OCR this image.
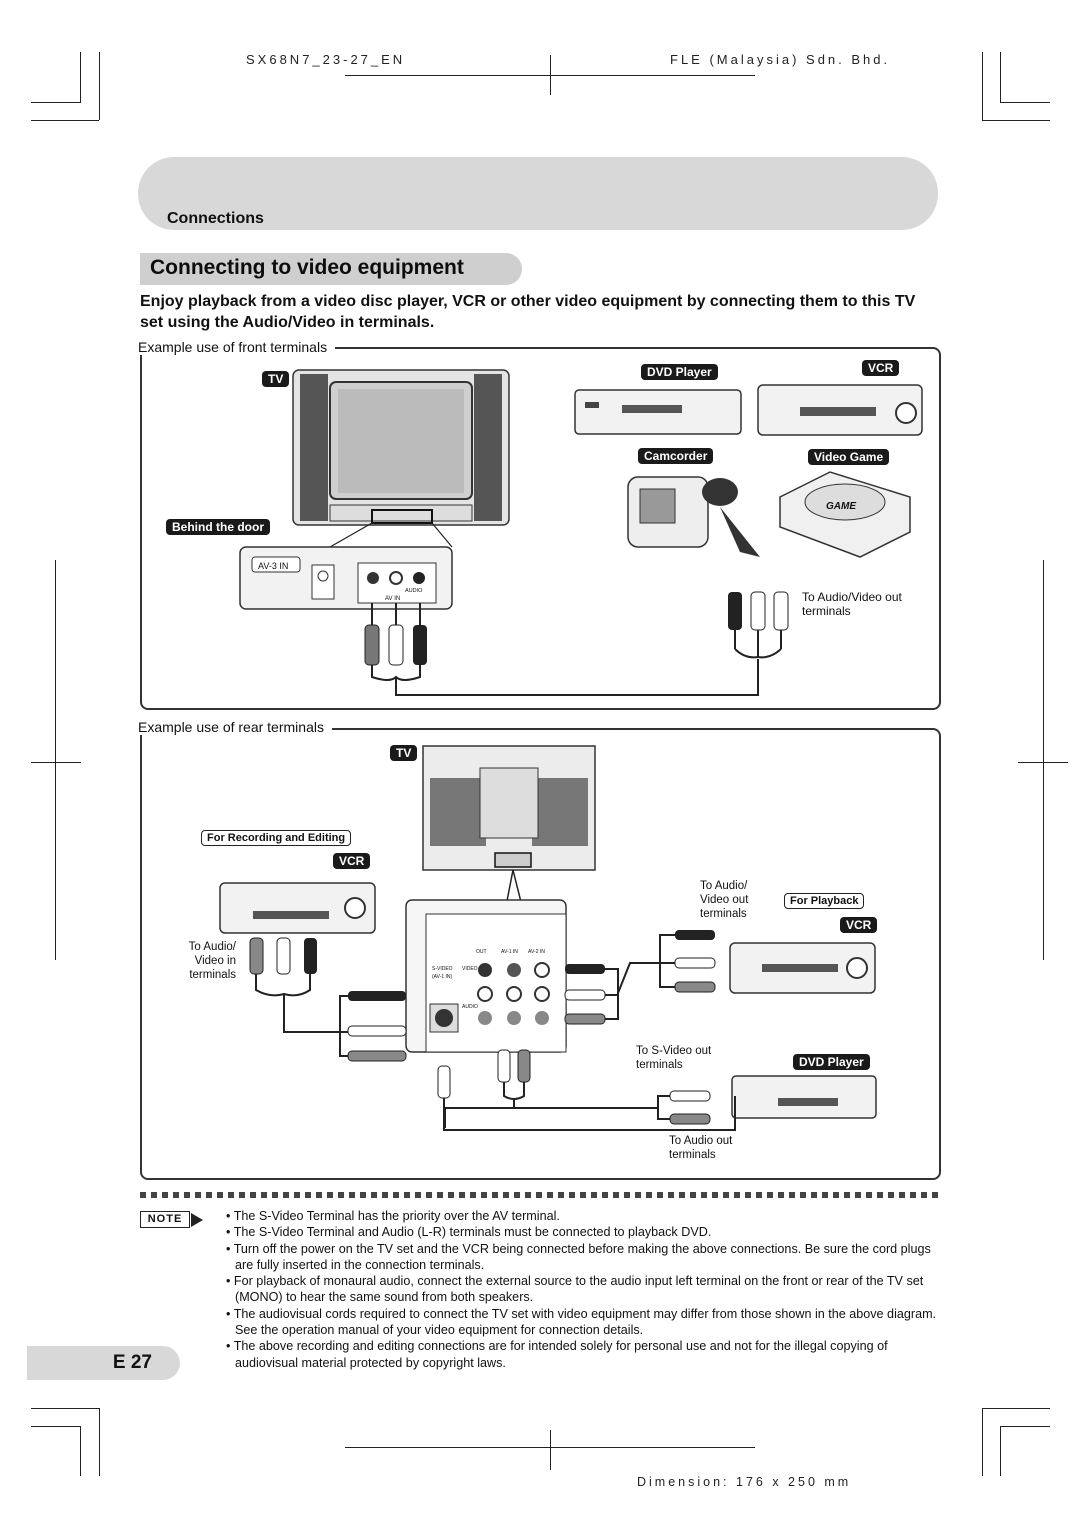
SX68N7_23-27_EN	FLE (Malaysia) Sdn. Bhd.
Connections
Connecting to video equipment
Enjoy playback from a video disc player, VCR or other video equipment by connecting them to this TV set using the Audio/Video in terminals.
Example use of front terminals
TV
Behind the door
AV-3 IN
AV IN
AUDIO
DVD Player	VCR
Camcorder	Video Game
GAME
To Audio/Video out terminals
Example use of rear terminals
TV
For Recording and Editing
VCR
To Audio/ Video in terminals
To Audio/ Video out terminals
For Playback
VCR
To S-Video out terminals	DVD Player
To Audio out terminals
OUT	AV-1 IN AV-2 IN
S-VIDEO
(AV-1 IN)
VIDEO
AUDIO
NOTE	• The S-Video Terminal has the priority over the AV terminal.
• The S-Video Terminal and Audio (L-R) terminals must be connected to playback DVD.
• Turn off the power on the TV set and the VCR being connected before making the above connections. Be sure the cord plugs are fully inserted in the connection terminals.
• For playback of monaural audio, connect the external source to the audio input left terminal on the front or rear of the TV set (MONO) to hear the same sound from both speakers.
• The audiovisual cords required to connect the TV set with video equipment may differ from those shown in the above diagram. See the operation manual of your video equipment for connection details.
• The above recording and editing connections are for intended solely for personal use and not for the illegal copying of audiovisual material protected by copyright laws.
E 27
Dimension: 176 x 250 mm
